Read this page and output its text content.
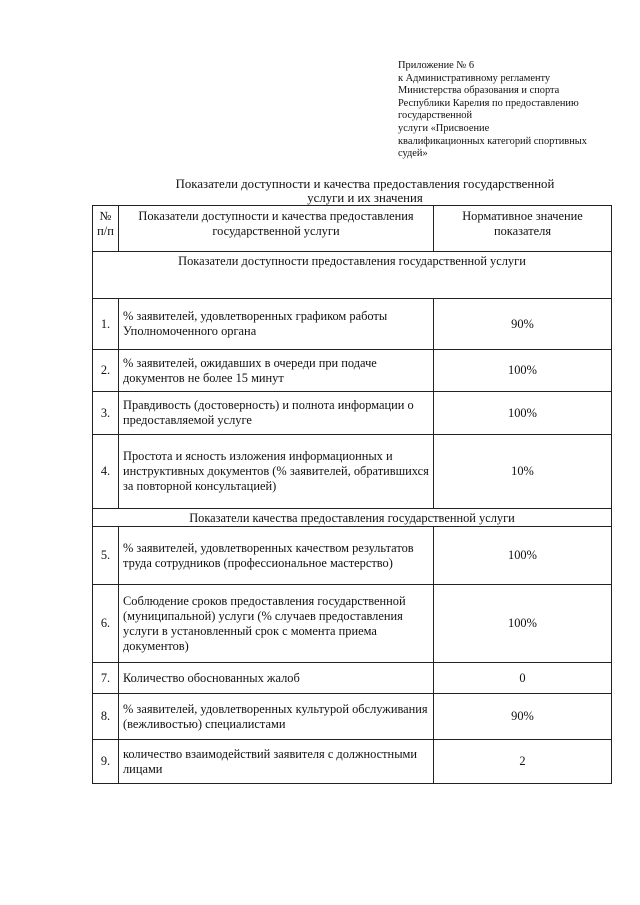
Приложение № 6
к Административному регламенту
Министерства образования и спорта
Республики Карелия по предоставлению
государственной
услуги «Присвоение
квалификационных категорий спортивных
судей»
Показатели доступности и качества предоставления государственной
услуги и их значения
№ п/п	Показатели доступности и качества предоставления государственной услуги	Нормативное значение показателя
Показатели доступности предоставления государственной услуги		
1.	% заявителей, удовлетворенных графиком работы Уполномоченного органа	90%
2.	% заявителей, ожидавших в очереди при подаче документов не более 15 минут	100%
3.	Правдивость (достоверность) и полнота информации о предоставляемой услуге	100%
4.	Простота и ясность изложения информационных и инструктивных документов (% заявителей, обратившихся за повторной консультацией)	10%
Показатели качества предоставления государственной услуги		
5.	% заявителей, удовлетворенных качеством результатов труда сотрудников (профессиональное мастерство)	100%
6.	Соблюдение сроков предоставления государственной (муниципальной) услуги (% случаев предоставления услуги в установленный срок с момента приема документов)	100%
7.	Количество обоснованных жалоб	0
8.	% заявителей, удовлетворенных культурой обслуживания (вежливостью) специалистами	90%
9.	количество взаимодействий заявителя с должностными лицами	2
